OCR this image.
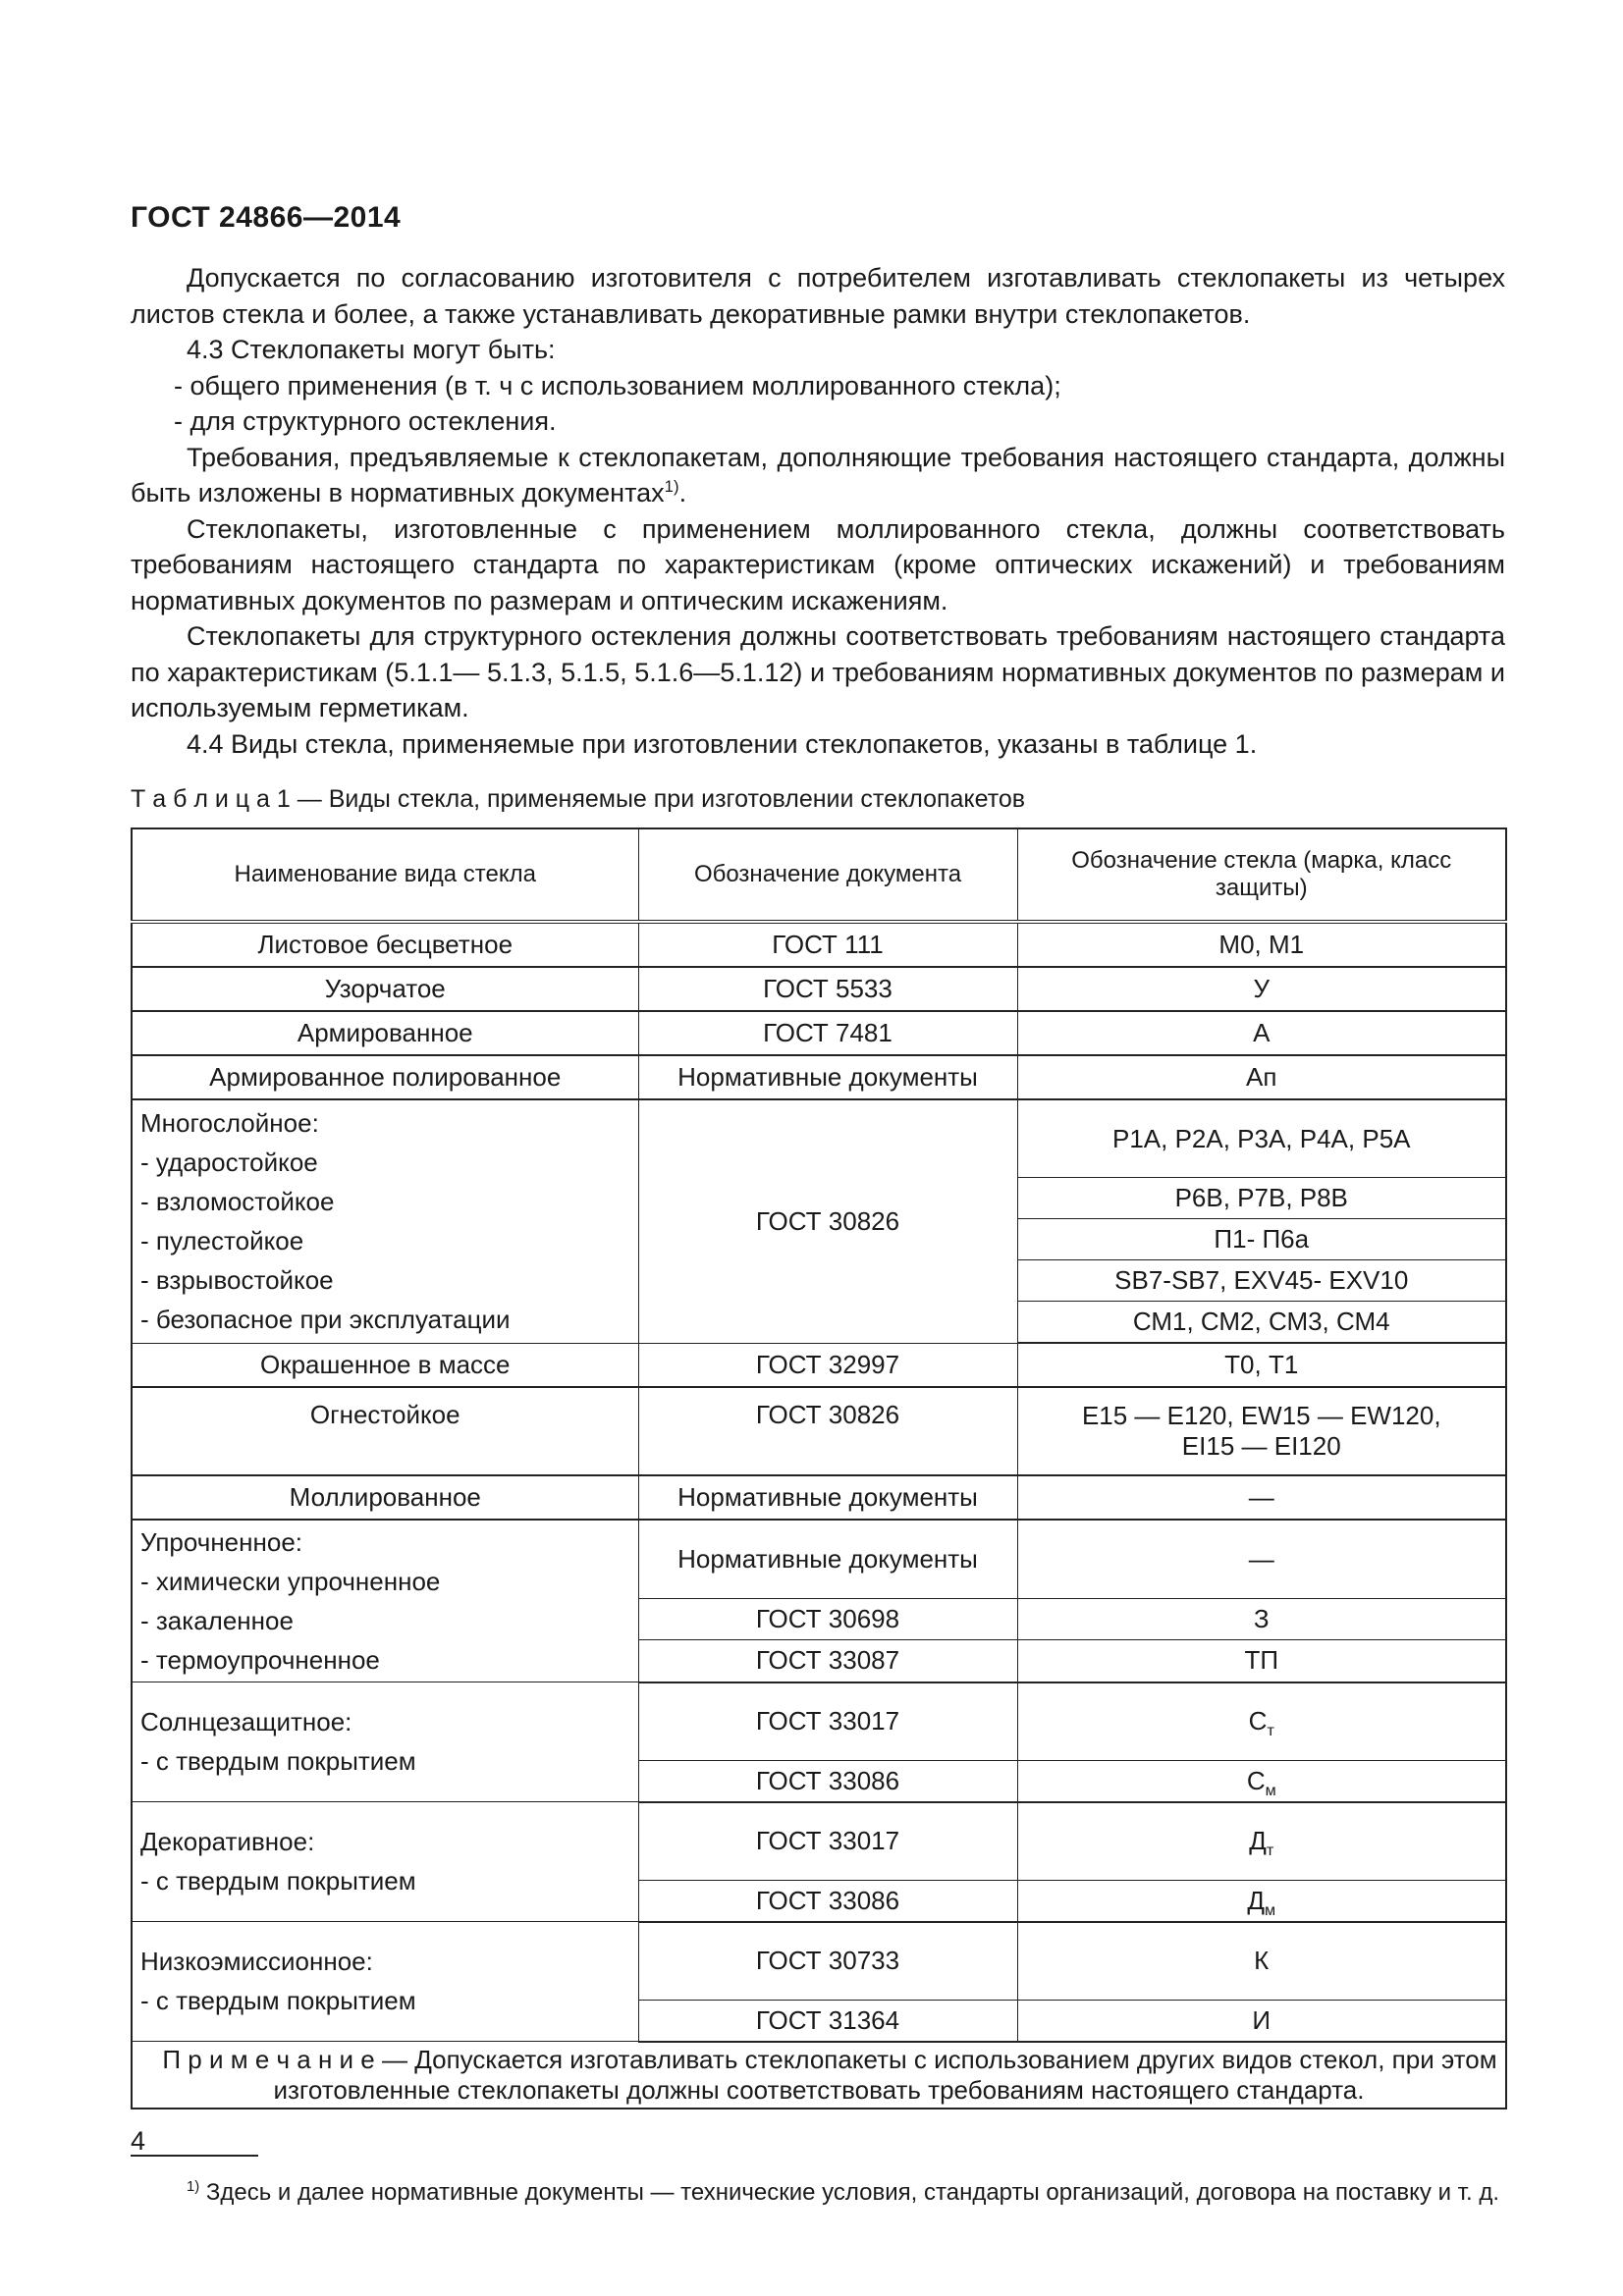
ГОСТ 24866—2014

Допускается по согласованию изготовителя с потребителем изготавливать стеклопакеты из четырех листов стекла и более, а также устанавливать декоративные рамки внутри стеклопакетов.

4.3 Стеклопакеты могут быть:

- общего применения (в т. ч с использованием моллированного стекла);
- для структурного остекления.

Требования, предъявляемые к стеклопакетам, дополняющие требования настоящего стандарта, должны быть изложены в нормативных документах$^{1)}$.

Стеклопакеты, изготовленные с применением моллированного стекла, должны соответствовать требованиям настоящего стандарта по характеристикам (кроме оптических искажений) и требованиям нормативных документов по размерам и оптическим искажениям.

Стеклопакеты для структурного остекления должны соответствовать требованиям настоящего стандарта по характеристикам (5.1.1— 5.1.3, 5.1.5, 5.1.6—5.1.12) и требованиям нормативных документов по размерам и используемым герметикам.

4.4 Виды стекла, применяемые при изготовлении стеклопакетов, указаны в таблице 1.

Т а б л и ц а 1 — Виды стекла, применяемые при изготовлении стеклопакетов
Наименование вида стекла	Обозначение документа	Обозначение стекла (марка, класс защиты)
Листовое бесцветное	ГОСТ 111	М0, М1
Узорчатое	ГОСТ 5533	У
Армированное	ГОСТ 7481	А
Армированное полированное	Нормативные документы	Ап

Многослойное:
- ударостойкое
- взломостойкое
- пулестойкое
- взрывостойкое
- безопасное при эксплуатации
	ГОСТ 30826	Р1А, Р2А, Р3А, Р4А, Р5А
		Р6В, Р7В, Р8В
		П1- П6а
		SB7-SB7, EXV45- EXV10
		СМ1, СМ2, СМ3, СМ4
Окрашенное в массе	ГОСТ 32997	Т0, Т1
Огнестойкое	ГОСТ 30826	Е15 — Е120, EW15 — EW120,
EI15 — EI120

Моллированное	Нормативные документы	—

Упрочненное:
- химически упрочненное
- закаленное
- термоупрочненное	Нормативные документы	—
	ГОСТ 30698	З
	ГОСТ 33087	ТП

Солнцезащитное:
- с твердым покрытием	ГОСТ 33017	$С_т$
	ГОСТ 33086	$С_м$

Декоративное:
- с твердым покрытием	ГОСТ 33017	$Д_т$
	ГОСТ 33086	$Д_м$

Низкоэмиссионное:
- с твердым покрытием	ГОСТ 30733	К
	ГОСТ 31364	И
П р и м е ч а н и е — Допускается изготавливать стеклопакеты с использованием других видов стекол, при этом изготовленные стеклопакеты должны соответствовать требованиям настоящего стандарта.		

$^{1)}$ Здесь и далее нормативные документы — технические условия, стандарты организаций, договора на поставку и т. д.

4
